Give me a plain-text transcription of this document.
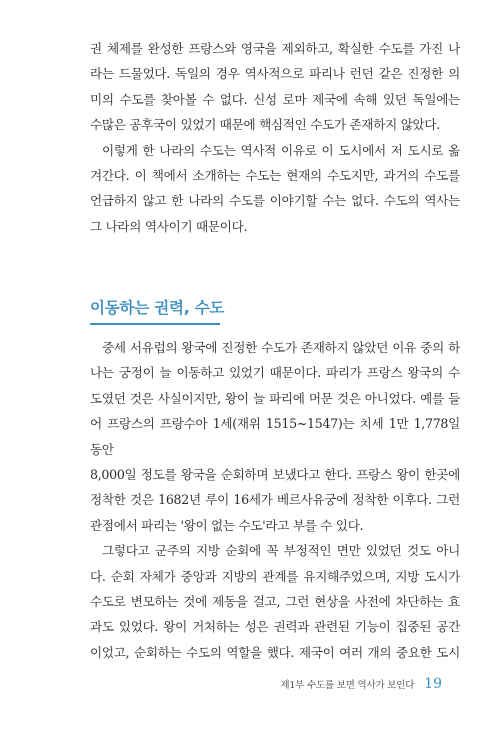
권 체제를 완성한 프랑스와 영국을 제외하고, 확실한 수도를 가진 나

라는 드물었다. 독일의 경우 역사적으로 파리나 런던 같은 진정한 의

미의 수도를 찾아볼 수 없다. 신성 로마 제국에 속해 있던 독일에는

수많은 공후국이 있었기 때문에 핵심적인 수도가 존재하지 않았다.

이렇게 한 나라의 수도는 역사적 이유로 이 도시에서 저 도시로 옮

겨간다. 이 책에서 소개하는 수도는 현재의 수도지만, 과거의 수도를

언급하지 않고 한 나라의 수도를 이야기할 수는 없다. 수도의 역사는

그 나라의 역사이기 때문이다.

이동하는 권력, 수도

중세 서유럽의 왕국에 진정한 수도가 존재하지 않았던 이유 중의 하

나는 궁정이 늘 이동하고 있었기 때문이다. 파리가 프랑스 왕국의 수

도였던 것은 사실이지만, 왕이 늘 파리에 머문 것은 아니었다. 예를 들

어 프랑스의 프랑수아 1세(재위 1515~1547)는 치세 1만 1,778일 동안

8,000일 정도를 왕국을 순회하며 보냈다고 한다. 프랑스 왕이 한곳에

정착한 것은 1682년 루이 16세가 베르사유궁에 정착한 이후다. 그런

관점에서 파리는 '왕이 없는 수도'라고 부를 수 있다.

그렇다고 군주의 지방 순회에 꼭 부정적인 면만 있었던 것도 아니

다. 순회 자체가 중앙과 지방의 관계를 유지해주었으며, 지방 도시가

수도로 변모하는 것에 제동을 걸고, 그런 현상을 사전에 차단하는 효

과도 있었다. 왕이 거처하는 성은 권력과 관련된 기능이 집중된 공간

이었고, 순회하는 수도의 역할을 했다. 제국이 여러 개의 중요한 도시

제1부 수도를 보면 역사가 보인다 19
